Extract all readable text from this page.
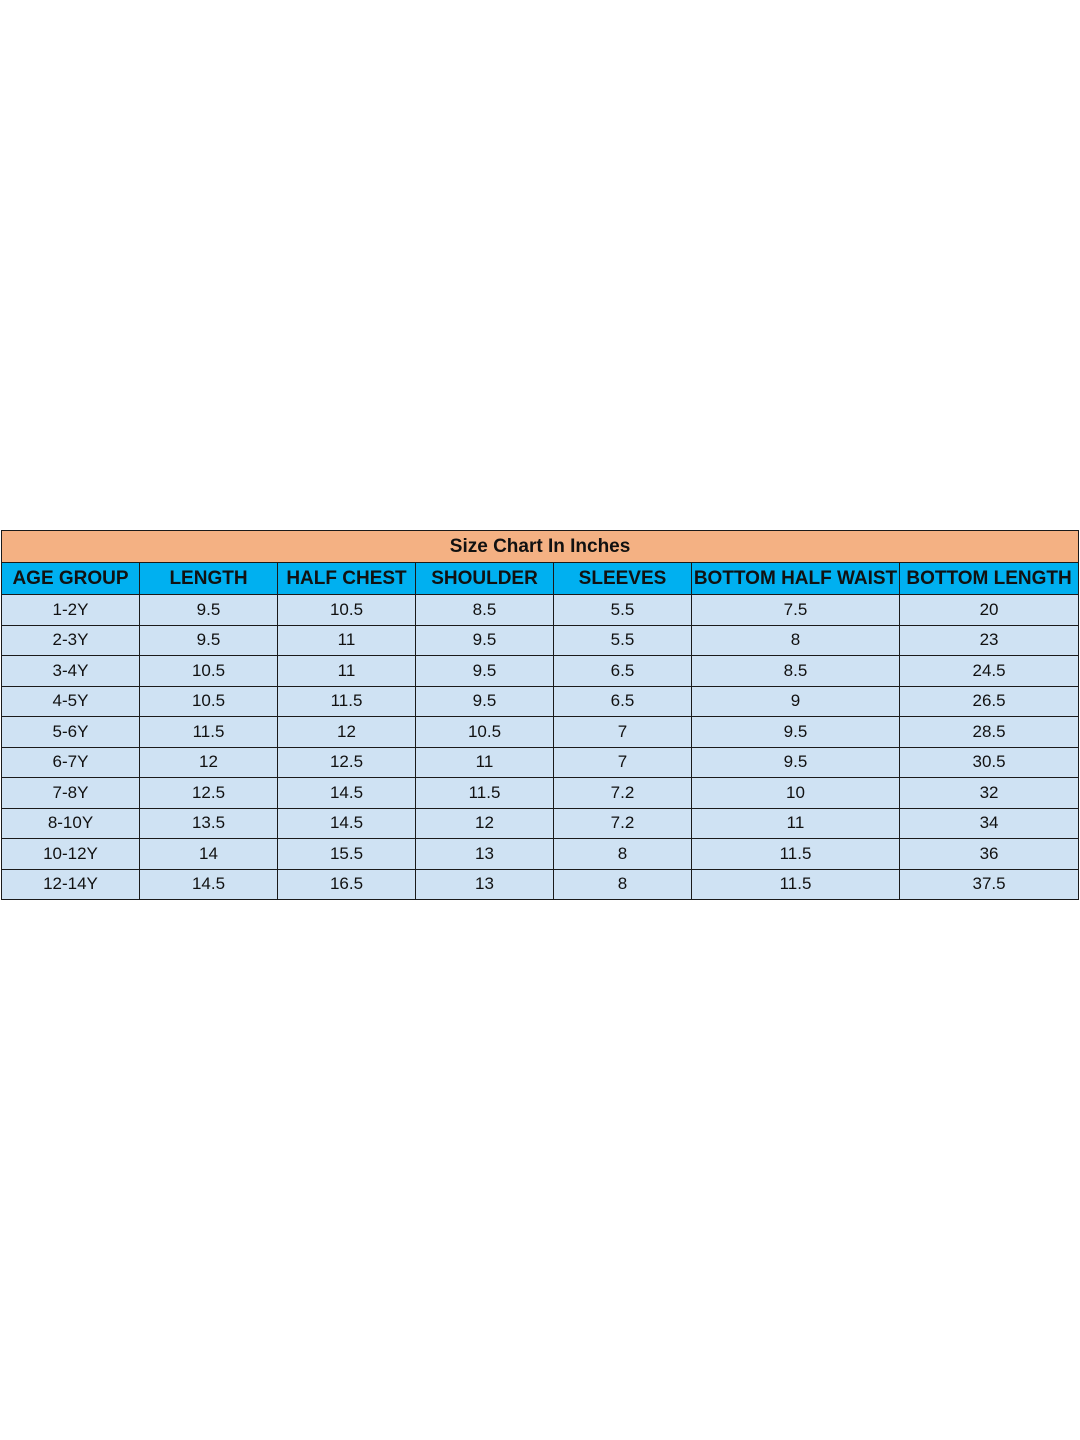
Size Chart In Inches						
AGE GROUP	LENGTH	HALF CHEST	SHOULDER	SLEEVES	BOTTOM HALF WAIST	BOTTOM LENGTH
1-2Y	9.5	10.5	8.5	5.5	7.5	20
2-3Y	9.5	11	9.5	5.5	8	23
3-4Y	10.5	11	9.5	6.5	8.5	24.5
4-5Y	10.5	11.5	9.5	6.5	9	26.5
5-6Y	11.5	12	10.5	7	9.5	28.5
6-7Y	12	12.5	11	7	9.5	30.5
7-8Y	12.5	14.5	11.5	7.2	10	32
8-10Y	13.5	14.5	12	7.2	11	34
10-12Y	14	15.5	13	8	11.5	36
12-14Y	14.5	16.5	13	8	11.5	37.5
